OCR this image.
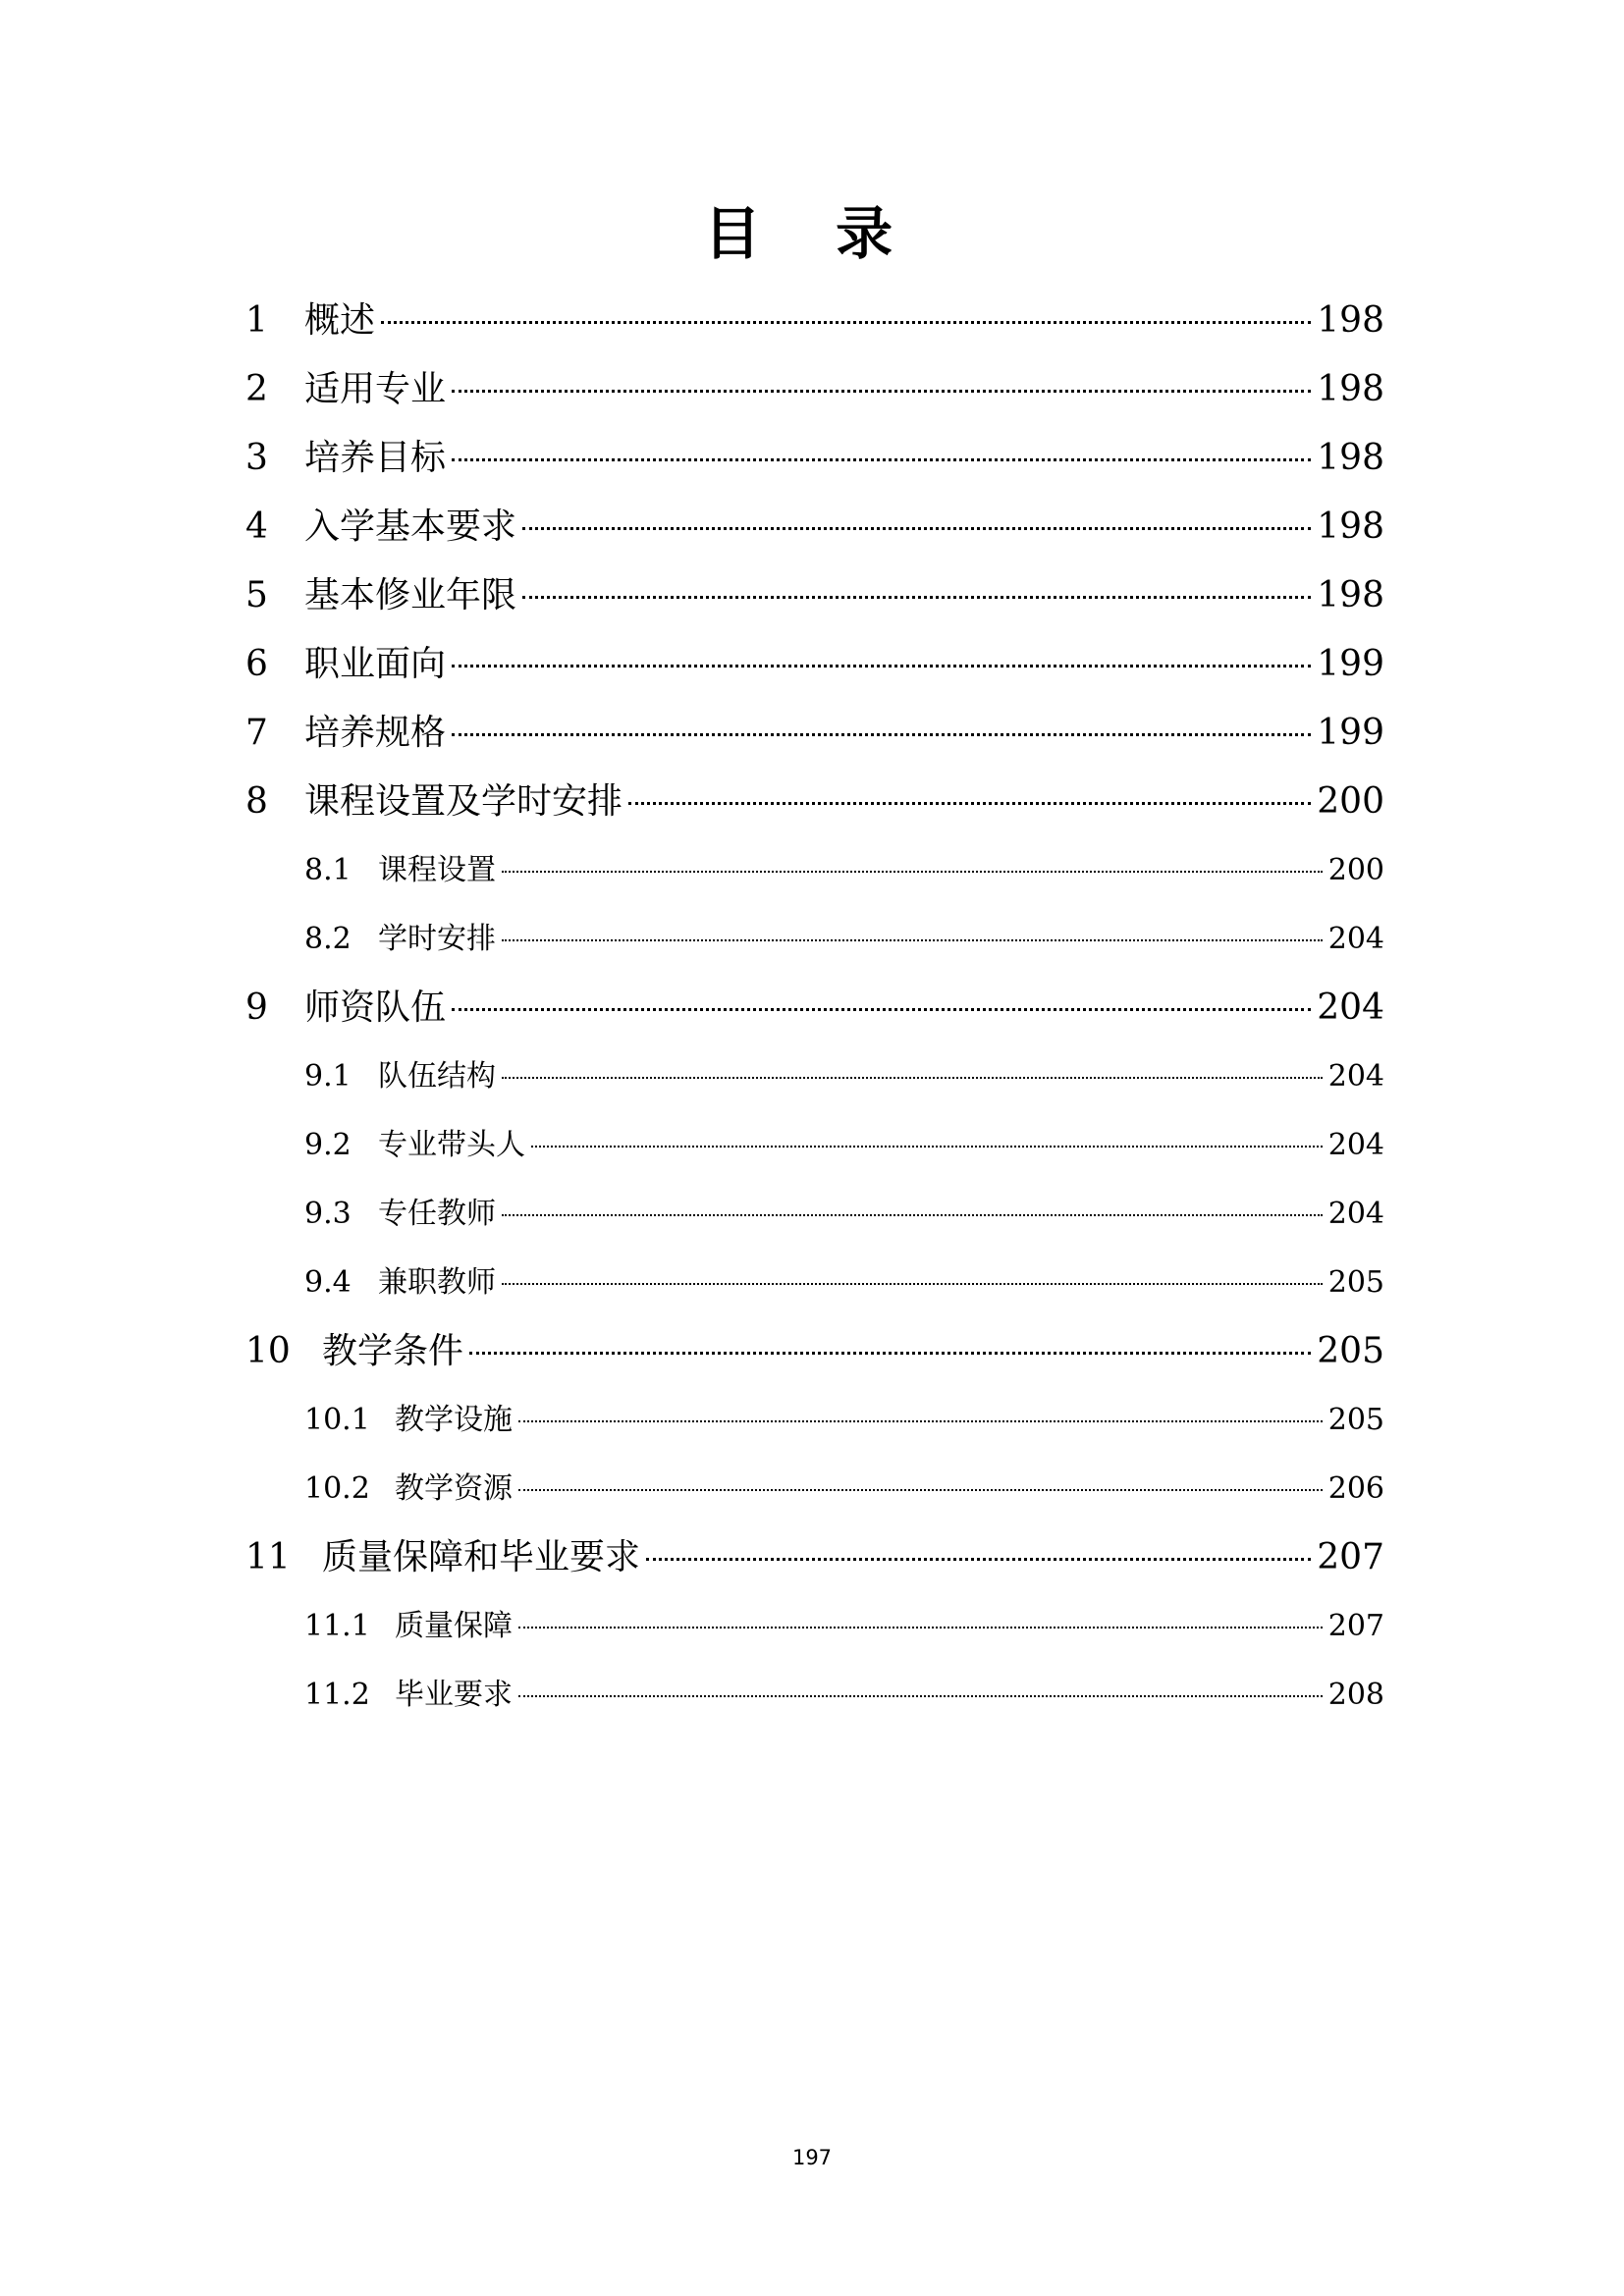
目 录
1	概述	198
2	适用专业	198
3	培养目标	198
4	入学基本要求	198
5	基本修业年限	198
6	职业面向	199
7	培养规格	199
8	课程设置及学时安排	200
8.1 课程设置	200
8.2 学时安排	204
9	师资队伍	204
9.1 队伍结构	204
9.2 专业带头人	204
9.3 专任教师	204
9.4 兼职教师	205
10 教学条件	205
10.1 教学设施	205
10.2 教学资源	206
11 质量保障和毕业要求	207
11.1 质量保障	207
11.2 毕业要求	208
197
